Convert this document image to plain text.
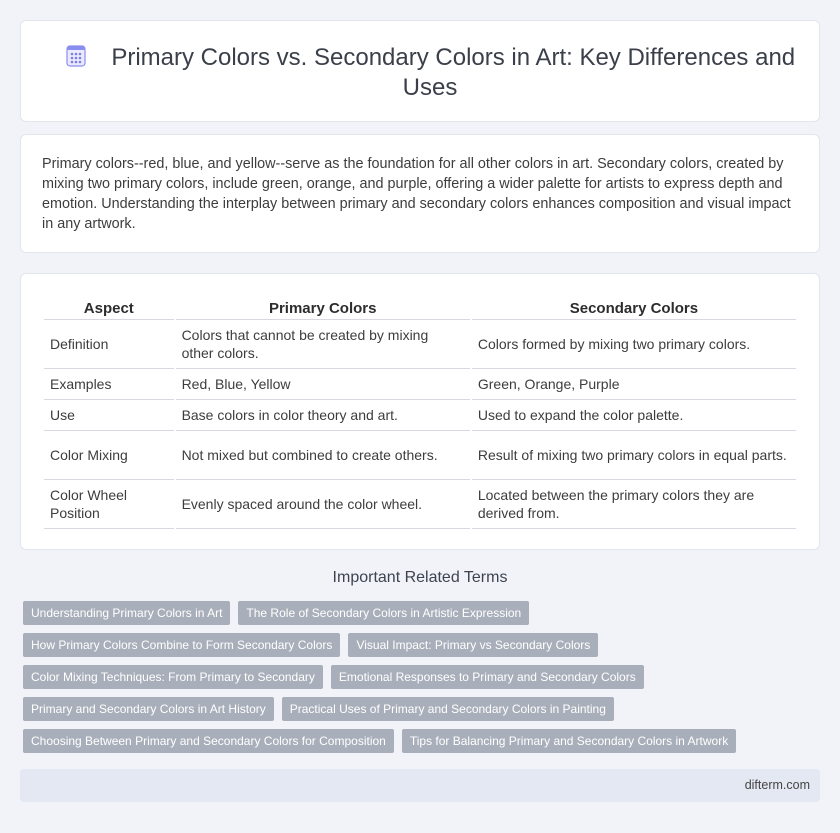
Primary Colors vs. Secondary Colors in Art: Key Differences and Uses

Primary colors--red, blue, and yellow--serve as the foundation for all other colors in art. Secondary colors, created by mixing two primary colors, include green, orange, and purple, offering a wider palette for artists to express depth and emotion. Understanding the interplay between primary and secondary colors enhances composition and visual impact in any artwork.

Aspect	Primary Colors	Secondary Colors
Definition	Colors that cannot be created by mixing other colors.	Colors formed by mixing two primary colors.
Examples	Red, Blue, Yellow	Green, Orange, Purple
Use	Base colors in color theory and art.	Used to expand the color palette.
Color Mixing	Not mixed but combined to create others.	Result of mixing two primary colors in equal parts.
Color Wheel Position	Evenly spaced around the color wheel.	Located between the primary colors they are derived from.
Important Related Terms
Understanding Primary Colors in Art	The Role of Secondary Colors in Artistic Expression
How Primary Colors Combine to Form Secondary Colors	Visual Impact: Primary vs Secondary Colors
Color Mixing Techniques: From Primary to Secondary	Emotional Responses to Primary and Secondary Colors
Primary and Secondary Colors in Art History	Practical Uses of Primary and Secondary Colors in Painting
Choosing Between Primary and Secondary Colors for Composition	Tips for Balancing Primary and Secondary Colors in Artwork
difterm.com
